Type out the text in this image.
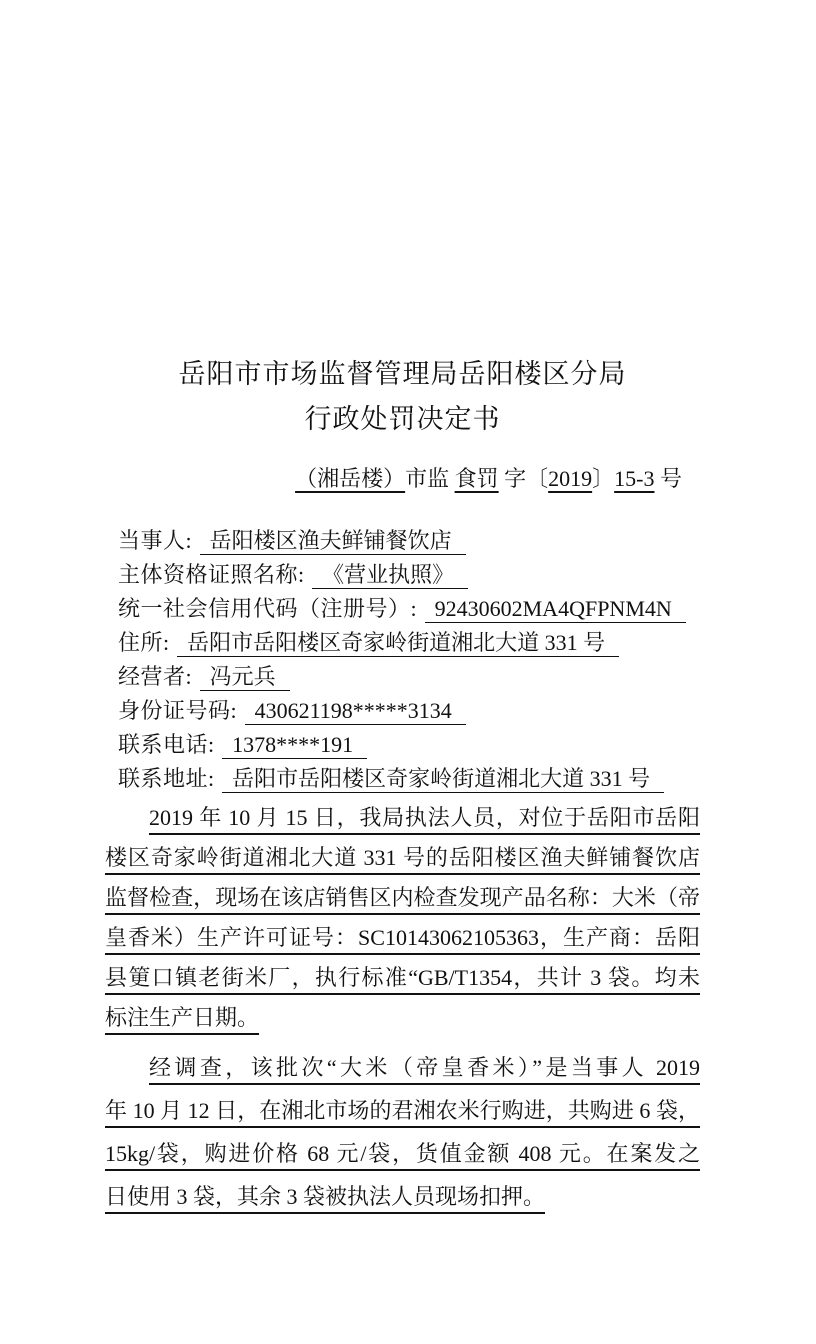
岳阳市市场监督管理局岳阳楼区分局
行政处罚决定书
（湘岳楼）市监 食罚 字〔2019〕15-3 号
当事人: 岳阳楼区渔夫鲜铺餐饮店
主体资格证照名称: 《营业执照》
统一社会信用代码（注册号）: 92430602MA4QFPNM4N
住所: 岳阳市岳阳楼区奇家岭街道湘北大道 331 号
经营者: 冯元兵
身份证号码: 430621198*****3134
联系电话: 1378****191
联系地址: 岳阳市岳阳楼区奇家岭街道湘北大道 331 号
2019 年 10 月 15 日，我局执法人员，对位于岳阳市岳阳
楼区奇家岭街道湘北大道 331 号的岳阳楼区渔夫鲜铺餐饮店
监督检查，现场在该店销售区内检查发现产品名称：大米（帝
皇香米）生产许可证号：SC10143062105363，生产商：岳阳
县筻口镇老街米厂，执行标准“GB/T1354，共计 3 袋。均未
标注生产日期。
经调查，该批次“大米（帝皇香米）”是当事人 2019
年 10 月 12 日，在湘北市场的君湘农米行购进，共购进 6 袋，
15kg/袋，购进价格 68 元/袋，货值金额 408 元。在案发之
日使用 3 袋，其余 3 袋被执法人员现场扣押。
